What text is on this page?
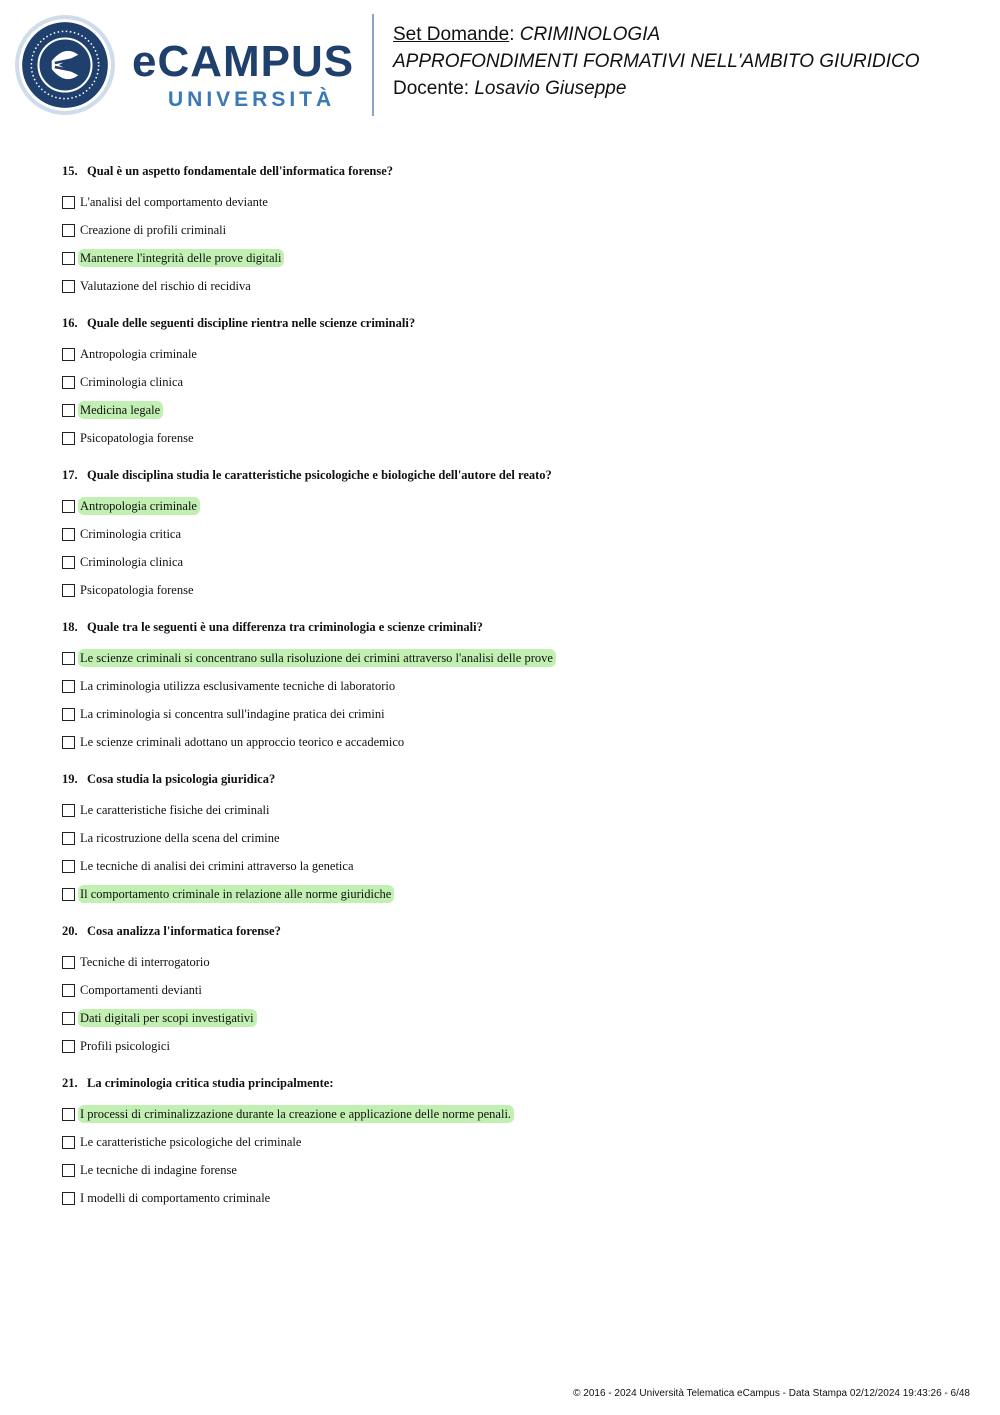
eCAMPUS
UNIVERSITÀ
Set Domande: CRIMINOLOGIA
APPROFONDIMENTI FORMATIVI NELL'AMBITO GIURIDICO
Docente: Losavio Giuseppe
15. Qual è un aspetto fondamentale dell'informatica forense?
L'analisi del comportamento deviante
Creazione di profili criminali
Mantenere l'integrità delle prove digitali
Valutazione del rischio di recidiva
16. Quale delle seguenti discipline rientra nelle scienze criminali?
Antropologia criminale
Criminologia clinica
Medicina legale
Psicopatologia forense
17. Quale disciplina studia le caratteristiche psicologiche e biologiche dell'autore del reato?
Antropologia criminale
Criminologia critica
Criminologia clinica
Psicopatologia forense
18. Quale tra le seguenti è una differenza tra criminologia e scienze criminali?
Le scienze criminali si concentrano sulla risoluzione dei crimini attraverso l'analisi delle prove
La criminologia utilizza esclusivamente tecniche di laboratorio
La criminologia si concentra sull'indagine pratica dei crimini
Le scienze criminali adottano un approccio teorico e accademico
19. Cosa studia la psicologia giuridica?
Le caratteristiche fisiche dei criminali
La ricostruzione della scena del crimine
Le tecniche di analisi dei crimini attraverso la genetica
Il comportamento criminale in relazione alle norme giuridiche
20. Cosa analizza l'informatica forense?
Tecniche di interrogatorio
Comportamenti devianti
Dati digitali per scopi investigativi
Profili psicologici
21. La criminologia critica studia principalmente:
I processi di criminalizzazione durante la creazione e applicazione delle norme penali.
Le caratteristiche psicologiche del criminale
Le tecniche di indagine forense
I modelli di comportamento criminale
© 2016 - 2024 Università Telematica eCampus - Data Stampa 02/12/2024 19:43:26 - 6/48
